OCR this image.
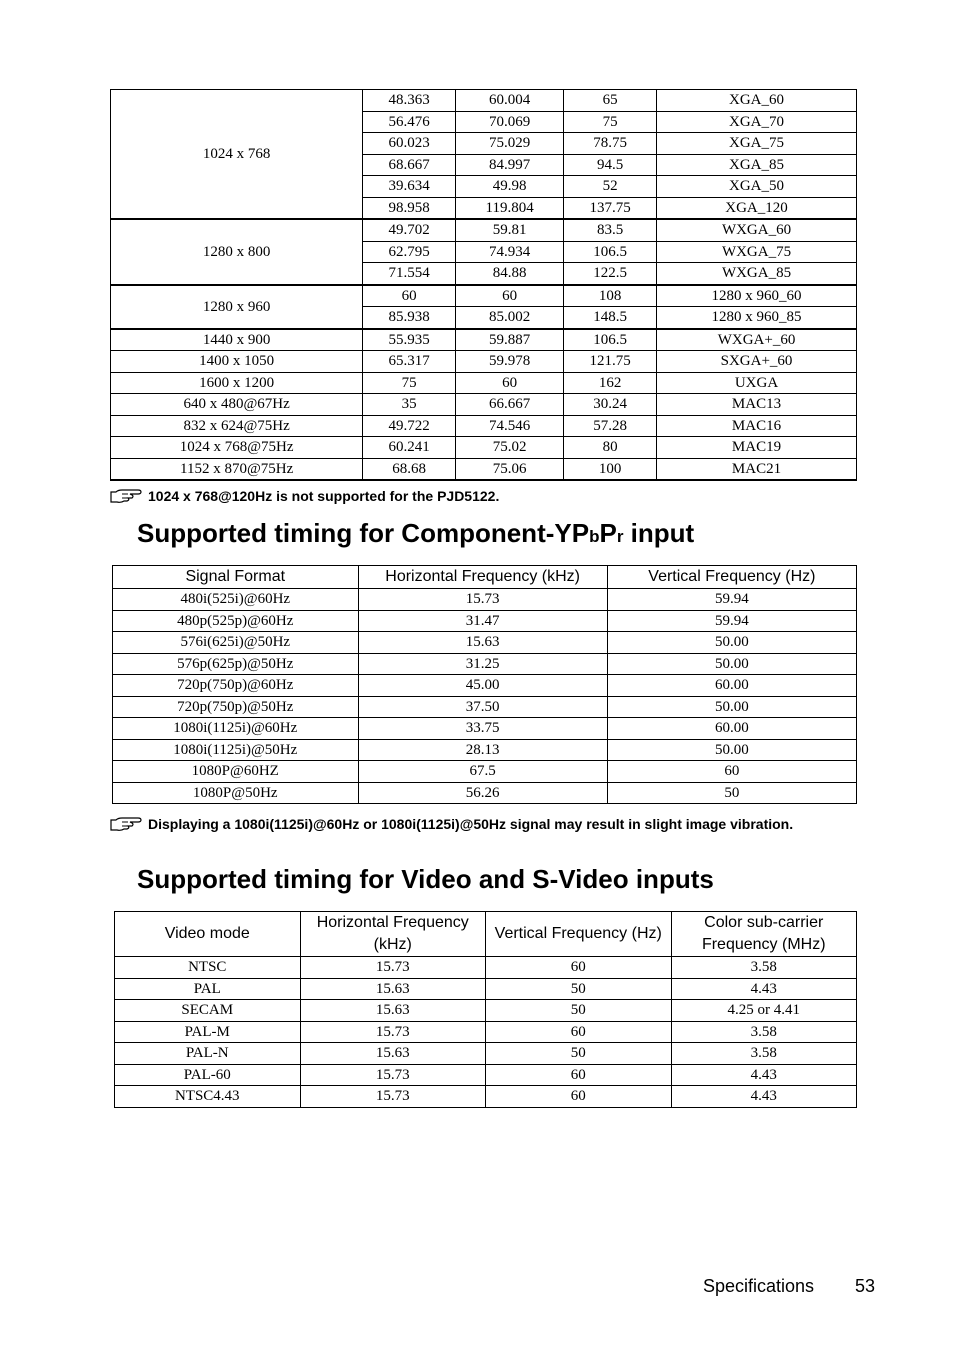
1024 x 768	48.363	60.004	65	XGA_60
	56.476	70.069	75	XGA_70
	60.023	75.029	78.75	XGA_75
	68.667	84.997	94.5	XGA_85
	39.634	49.98	52	XGA_50
	98.958	119.804	137.75	XGA_120
1280 x 800	49.702	59.81	83.5	WXGA_60
	62.795	74.934	106.5	WXGA_75
	71.554	84.88	122.5	WXGA_85
1280 x 960	60	60	108	1280 x 960_60
	85.938	85.002	148.5	1280 x 960_85
1440 x 900	55.935	59.887	106.5	WXGA+_60
1400 x 1050	65.317	59.978	121.75	SXGA+_60
1600 x 1200	75	60	162	UXGA
640 x 480@67Hz	35	66.667	30.24	MAC13
832 x 624@75Hz	49.722	74.546	57.28	MAC16
1024 x 768@75Hz	60.241	75.02	80	MAC19
1152 x 870@75Hz	68.68	75.06	100	MAC21
1024 x 768@120Hz is not supported for the PJD5122.
Supported timing for Component-YPbPr input
Signal Format	Horizontal Frequency (kHz)	Vertical Frequency (Hz)
480i(525i)@60Hz	15.73	59.94
480p(525p)@60Hz	31.47	59.94
576i(625i)@50Hz	15.63	50.00
576p(625p)@50Hz	31.25	50.00
720p(750p)@60Hz	45.00	60.00
720p(750p)@50Hz	37.50	50.00
1080i(1125i)@60Hz	33.75	60.00
1080i(1125i)@50Hz	28.13	50.00
1080P@60HZ	67.5	60
1080P@50Hz	56.26	50
Displaying a 1080i(1125i)@60Hz or 1080i(1125i)@50Hz signal may result in slight image vibration.
Supported timing for Video and S-Video inputs
Video mode	Horizontal Frequency (kHz)	Vertical Frequency (Hz)	Color sub-carrier Frequency (MHz)
NTSC	15.73	60	3.58
PAL	15.63	50	4.43
SECAM	15.63	50	4.25 or 4.41
PAL-M	15.73	60	3.58
PAL-N	15.63	50	3.58
PAL-60	15.73	60	4.43
NTSC4.43	15.73	60	4.43
Specifications 53
